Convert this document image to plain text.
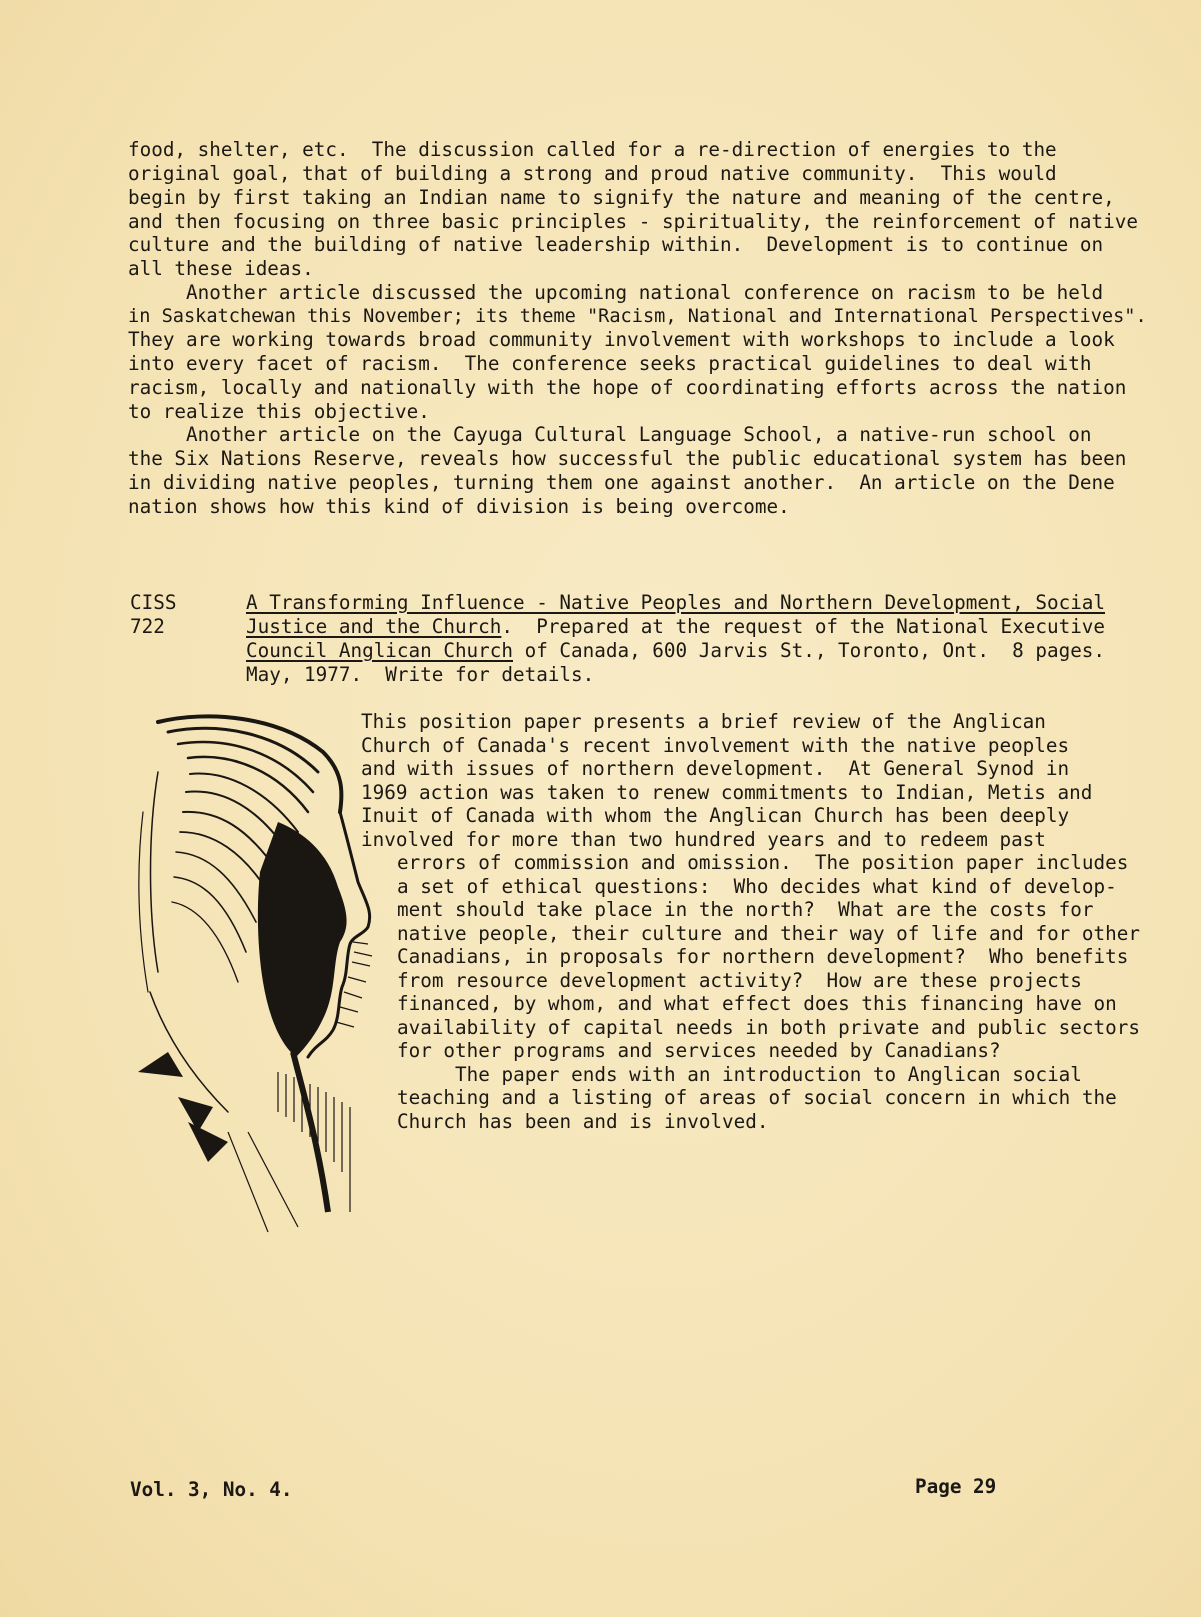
food, shelter, etc.  The discussion called for a re-direction of energies to the
original goal, that of building a strong and proud native community.  This would
begin by first taking an Indian name to signify the nature and meaning of the centre,
and then focusing on three basic principles - spirituality, the reinforcement of native
culture and the building of native leadership within.  Development is to continue on
all these ideas.
Another article discussed the upcoming national conference on racism to be held
in Saskatchewan this November; its theme "Racism, National and International Perspectives".
They are working towards broad community involvement with workshops to include a look
into every facet of racism.  The conference seeks practical guidelines to deal with
racism, locally and nationally with the hope of coordinating efforts across the nation
to realize this objective.
Another article on the Cayuga Cultural Language School, a native-run school on
the Six Nations Reserve, reveals how successful the public educational system has been
in dividing native peoples, turning them one against another.  An article on the Dene
nation shows how this kind of division is being overcome.
CISS
722
A Transforming Influence - Native Peoples and Northern Development, Social
Justice and the Church.  Prepared at the request of the National Executive
Council Anglican Church of Canada, 600 Jarvis St., Toronto, Ont.  8 pages.
May, 1977.  Write for details.
This position paper presents a brief review of the Anglican
Church of Canada's recent involvement with the native peoples
and with issues of northern development.  At General Synod in
1969 action was taken to renew commitments to Indian, Metis and
Inuit of Canada with whom the Anglican Church has been deeply
involved for more than two hundred years and to redeem past
errors of commission and omission.  The position paper includes
a set of ethical questions:  Who decides what kind of develop-
ment should take place in the north?  What are the costs for
native people, their culture and their way of life and for other
Canadians, in proposals for northern development?  Who benefits
from resource development activity?  How are these projects
financed, by whom, and what effect does this financing have on
availability of capital needs in both private and public sectors
for other programs and services needed by Canadians?
The paper ends with an introduction to Anglican social
teaching and a listing of areas of social concern in which the
Church has been and is involved.
Vol. 3, No. 4.	Page 29
